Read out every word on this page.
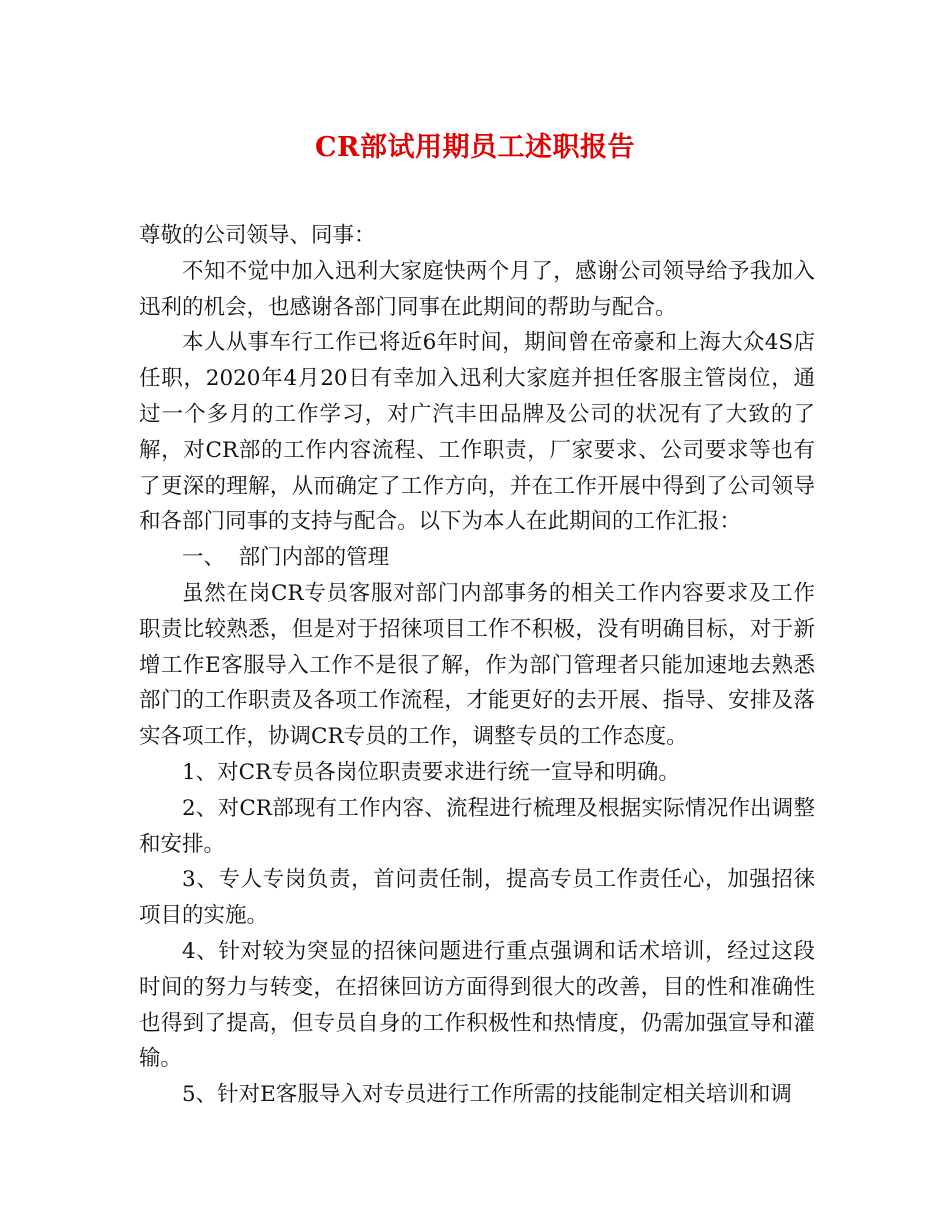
CR部试用期员工述职报告

尊敬的公司领导、同事：

不知不觉中加入迅利大家庭快两个月了，感谢公司领导给予我加入迅利的机会，也感谢各部门同事在此期间的帮助与配合。

本人从事车行工作已将近6年时间，期间曾在帝豪和上海大众4S店任职，2020年4月20日有幸加入迅利大家庭并担任客服主管岗位，通过一个多月的工作学习，对广汽丰田品牌及公司的状况有了大致的了解，对CR部的工作内容流程、工作职责，厂家要求、公司要求等也有了更深的理解，从而确定了工作方向，并在工作开展中得到了公司领导和各部门同事的支持与配合。以下为本人在此期间的工作汇报：

一、  部门内部的管理

虽然在岗CR专员客服对部门内部事务的相关工作内容要求及工作职责比较熟悉，但是对于招徕项目工作不积极，没有明确目标，对于新增工作E客服导入工作不是很了解，作为部门管理者只能加速地去熟悉部门的工作职责及各项工作流程，才能更好的去开展、指导、安排及落实各项工作，协调CR专员的工作，调整专员的工作态度。

1、对CR专员各岗位职责要求进行统一宣导和明确。

2、对CR部现有工作内容、流程进行梳理及根据实际情况作出调整和安排。

3、专人专岗负责，首问责任制，提高专员工作责任心，加强招徕项目的实施。

4、针对较为突显的招徕问题进行重点强调和话术培训，经过这段时间的努力与转变，在招徕回访方面得到很大的改善，目的性和准确性也得到了提高，但专员自身的工作积极性和热情度，仍需加强宣导和灌输。

5、针对E客服导入对专员进行工作所需的技能制定相关培训和调
